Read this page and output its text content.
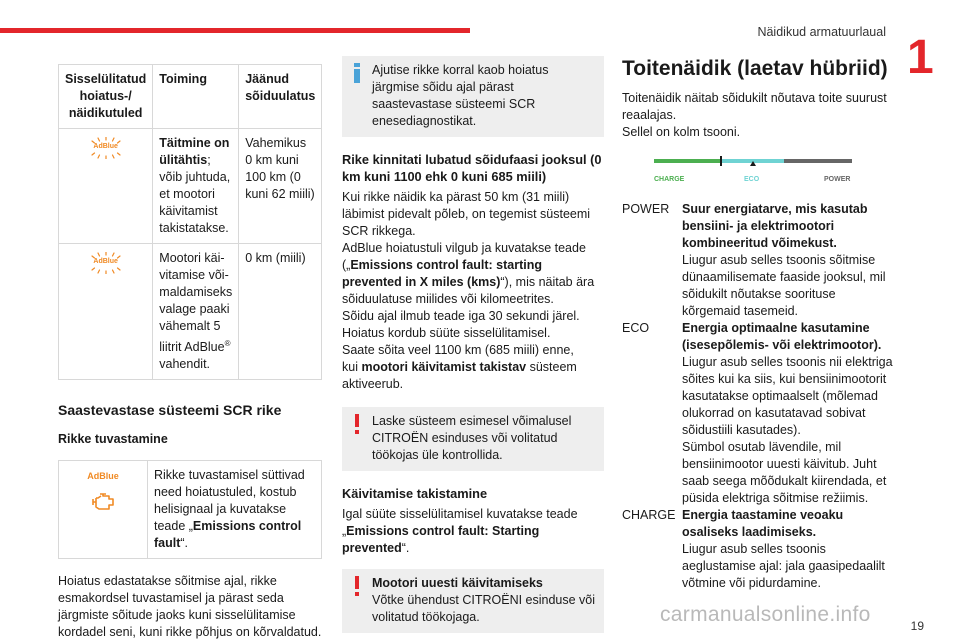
Näidikud armatuurlaual 1
Sisselülitatud hoiatus-/ näidikutuled	Toiming	Jäänud sõiduulatus

AdBlue	Täitmine on ülitähtis; võib juhtuda, et mootori käivitamist takistatakse.	Vahemikus 0 km kuni 100 km (0 kuni 62 miili)

AdBlue	Mootori käi-vitamise või-maldamiseks valage paaki vähemalt 5 liitrit AdBlue® vahendit.	0 km (miili)
Saastevastase süsteemi SCR rike
Rikke tuvastamine
AdBlue	Rikke tuvastamisel süttivad need hoiatustuled, kostub helisignaal ja kuvatakse teade „Emissions control fault“.
Hoiatus edastatakse sõitmise ajal, rikke esmakordsel tuvastamisel ja pärast seda järgmiste sõitude jaoks kuni sisselülitamise kordadel seni, kuni rikke põhjus on kõrvaldatud.
Ajutise rikke korral kaob hoiatus järgmise sõidu ajal pärast saastevastase süsteemi SCR enesediagnostikat.
Rike kinnitati lubatud sõidufaasi jooksul (0 km kuni 1100 ehk 0 kuni 685 miili)
Kui rikke näidik ka pärast 50 km (31 miili) läbimist pidevalt põleb, on tegemist süsteemi SCR rikkega.
AdBlue hoiatustuli vilgub ja kuvatakse teade („Emissions control fault: starting prevented in X miles (kms)“), mis näitab ära sõiduulatuse miilides või kilomeetrites.
Sõidu ajal ilmub teade iga 30 sekundi järel.
Hoiatus kordub süüte sisselülitamisel.
Saate sõita veel 1100 km (685 miili) enne,
kui mootori käivitamist takistav süsteem aktiveerub.
Laske süsteem esimesel võimalusel CITROËN esinduses või volitatud töökojas üle kontrollida.
Käivitamise takistamine
Igal süüte sisselülitamisel kuvatakse teade „Emissions control fault: Starting prevented“.
Mootori uuesti käivitamiseks
Võtke ühendust CITROËNI esinduse või volitatud töökojaga.
Toitenäidik (laetav hübriid)
Toitenäidik näitab sõidukilt nõutava toite suurust reaalajas.
Sellel on kolm tsooni.
CHARGE	ECO	POWER
POWER	Suur energiatarve, mis kasutab bensiini- ja elektrimootori kombineeritud võimekust.
Liugur asub selles tsoonis sõitmise dünaamilisemate faaside jooksul, mil sõidukilt nõutakse soorituse kõrgemaid tasemeid.
ECO	Energia optimaalne kasutamine (isesepõlemis- või elektrimootor).
Liugur asub selles tsoonis nii elektriga sõites kui ka siis, kui bensiinimootorit kasutatakse optimaalselt (mõlemad olukorrad on kasutatavad sobivat sõidustiili kasutades).
Sümbol osutab lävendile, mil bensiinimootor uuesti käivitub. Juht saab seega mõõdukalt kiirendada, et püsida elektriga sõitmise režiimis.
CHARGE Energia taastamine veoaku osaliseks laadimiseks.
Liugur asub selles tsoonis aeglustamise ajal: jala gaasipedaalilt võtmine või pidurdamine.
carmanualsonline.info	19
